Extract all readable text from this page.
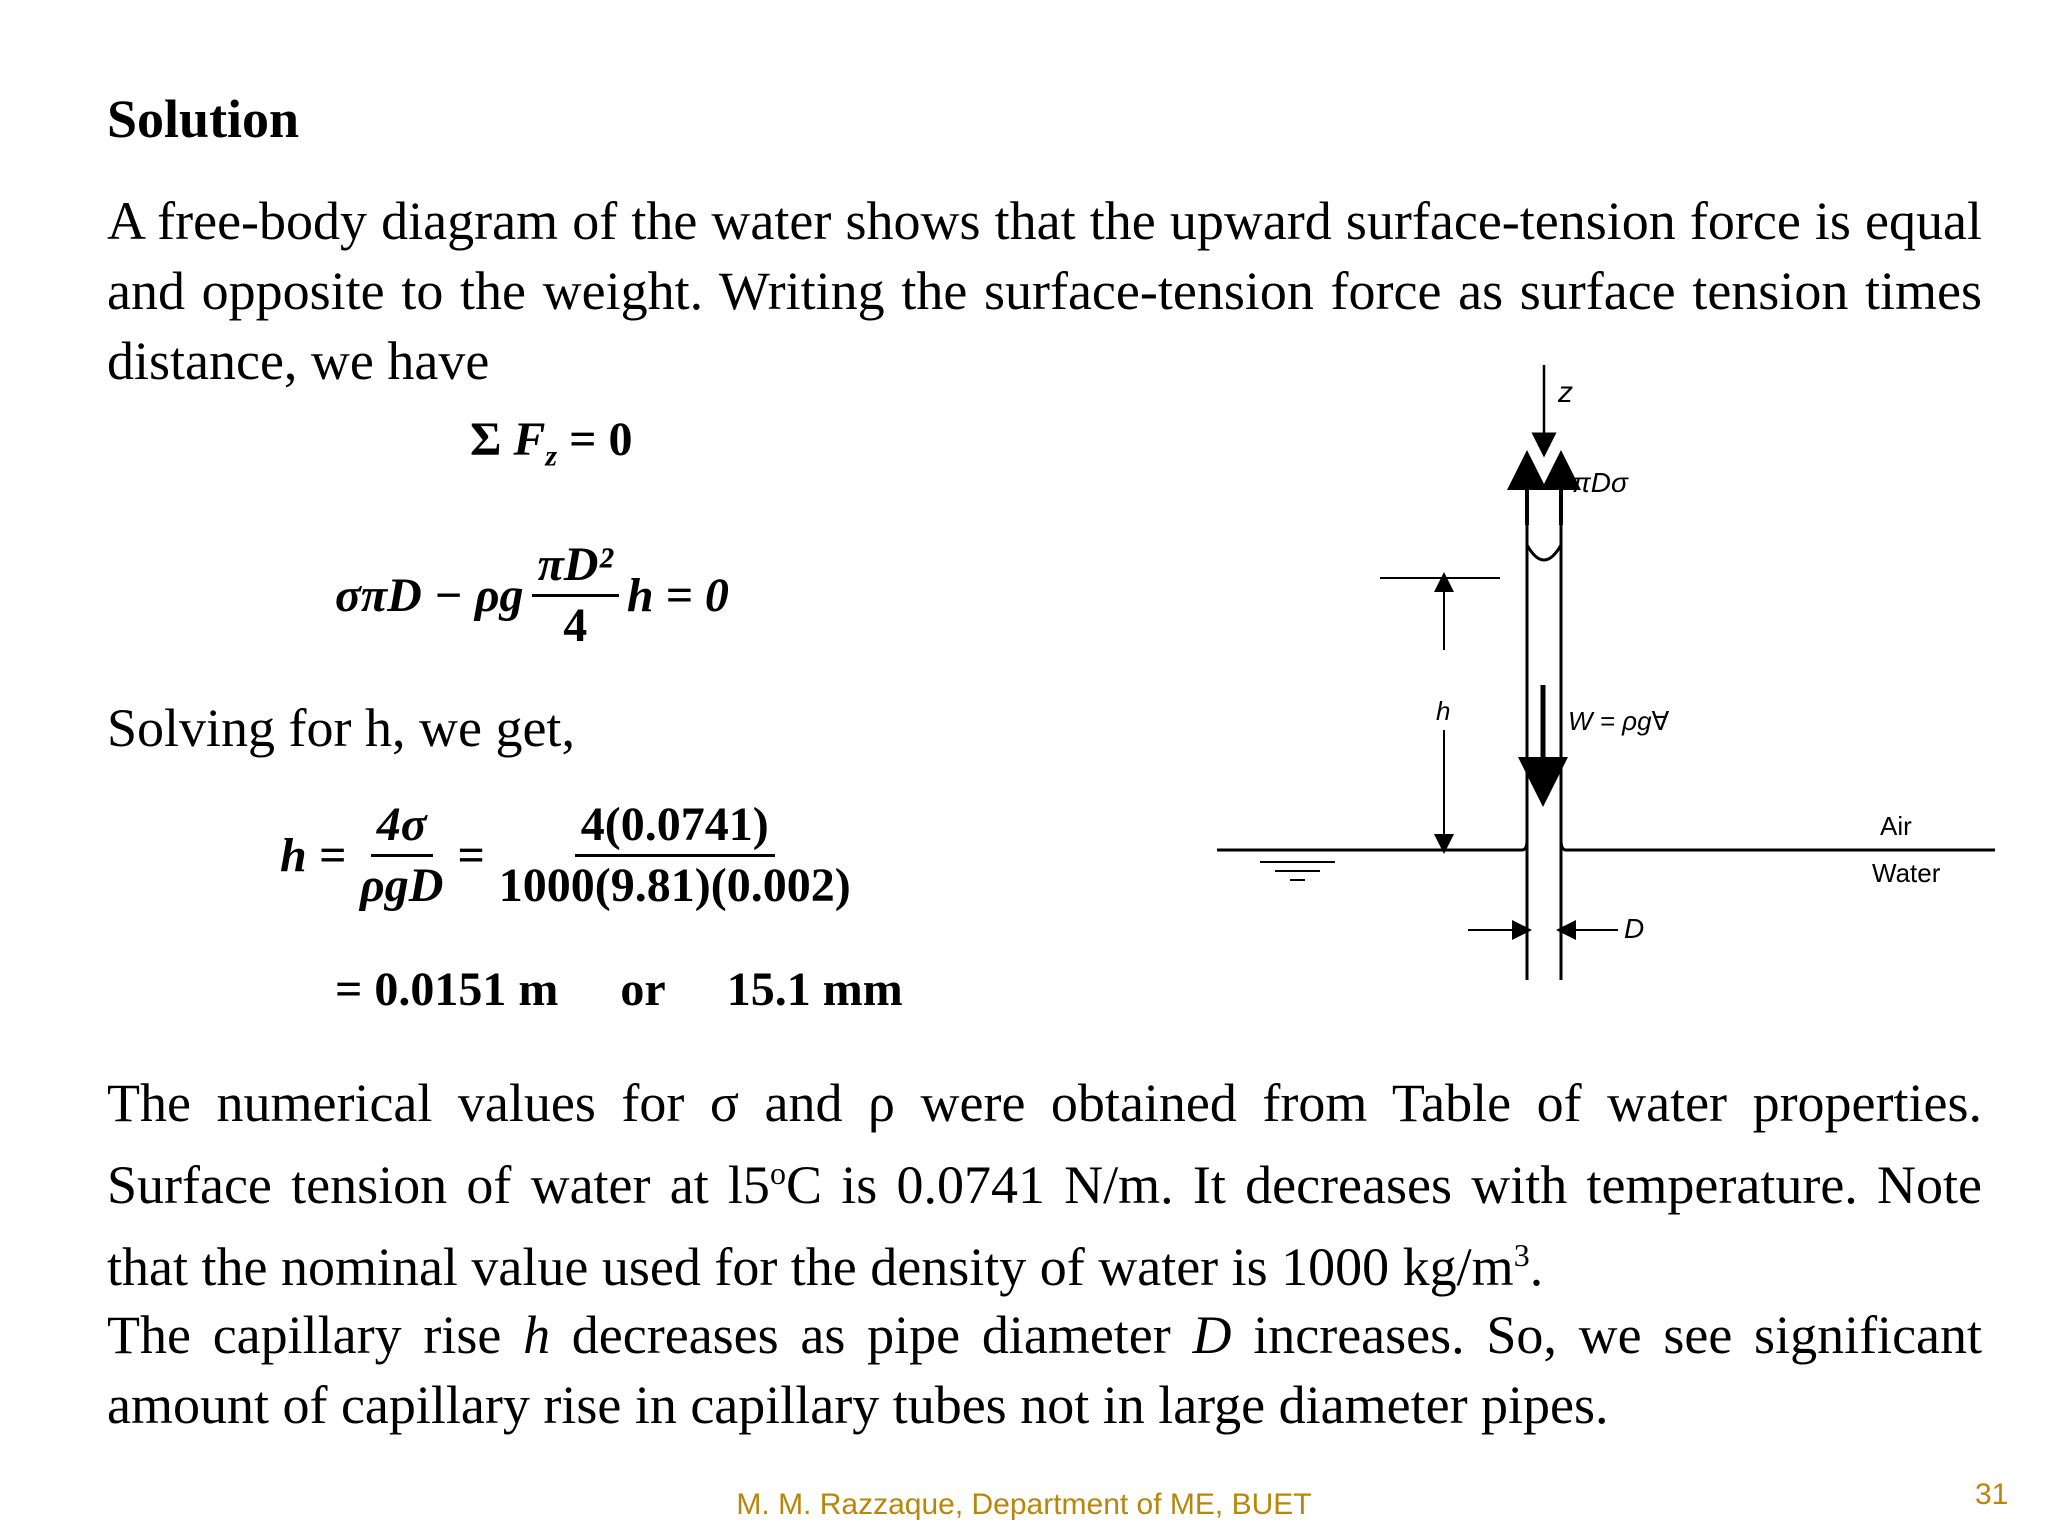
Solution
A free-body diagram of the water shows that the upward surface-tension force is equal and opposite to the weight. Writing the surface-tension force as surface tension times distance, we have
Σ $F_z = 0$
σπD − ρg $\frac{\text{πD²}}{4}$ h = 0
Solving for h, we get,
$h = \frac{4\sigma}{\text{ρgD}} = \frac{4(0.0741)}{1000(9.81)(0.002)}$
= 0.0151 m or 15.1 mm
The numerical values for σ and ρ were obtained from Table of water properties. Surface tension of water at l5$^o$C is 0.0741 N/m. It decreases with temperature. Note that the nominal value used for the density of water is 1000 $kg/m^3$.
The capillary rise h decreases as pipe diameter D increases. So, we see significant amount of capillary rise in capillary tubes not in large diameter pipes.
z
πDσ
h	W = ρg∀
Air
Water
D
M. M. Razzaque, Department of ME, BUET	31
